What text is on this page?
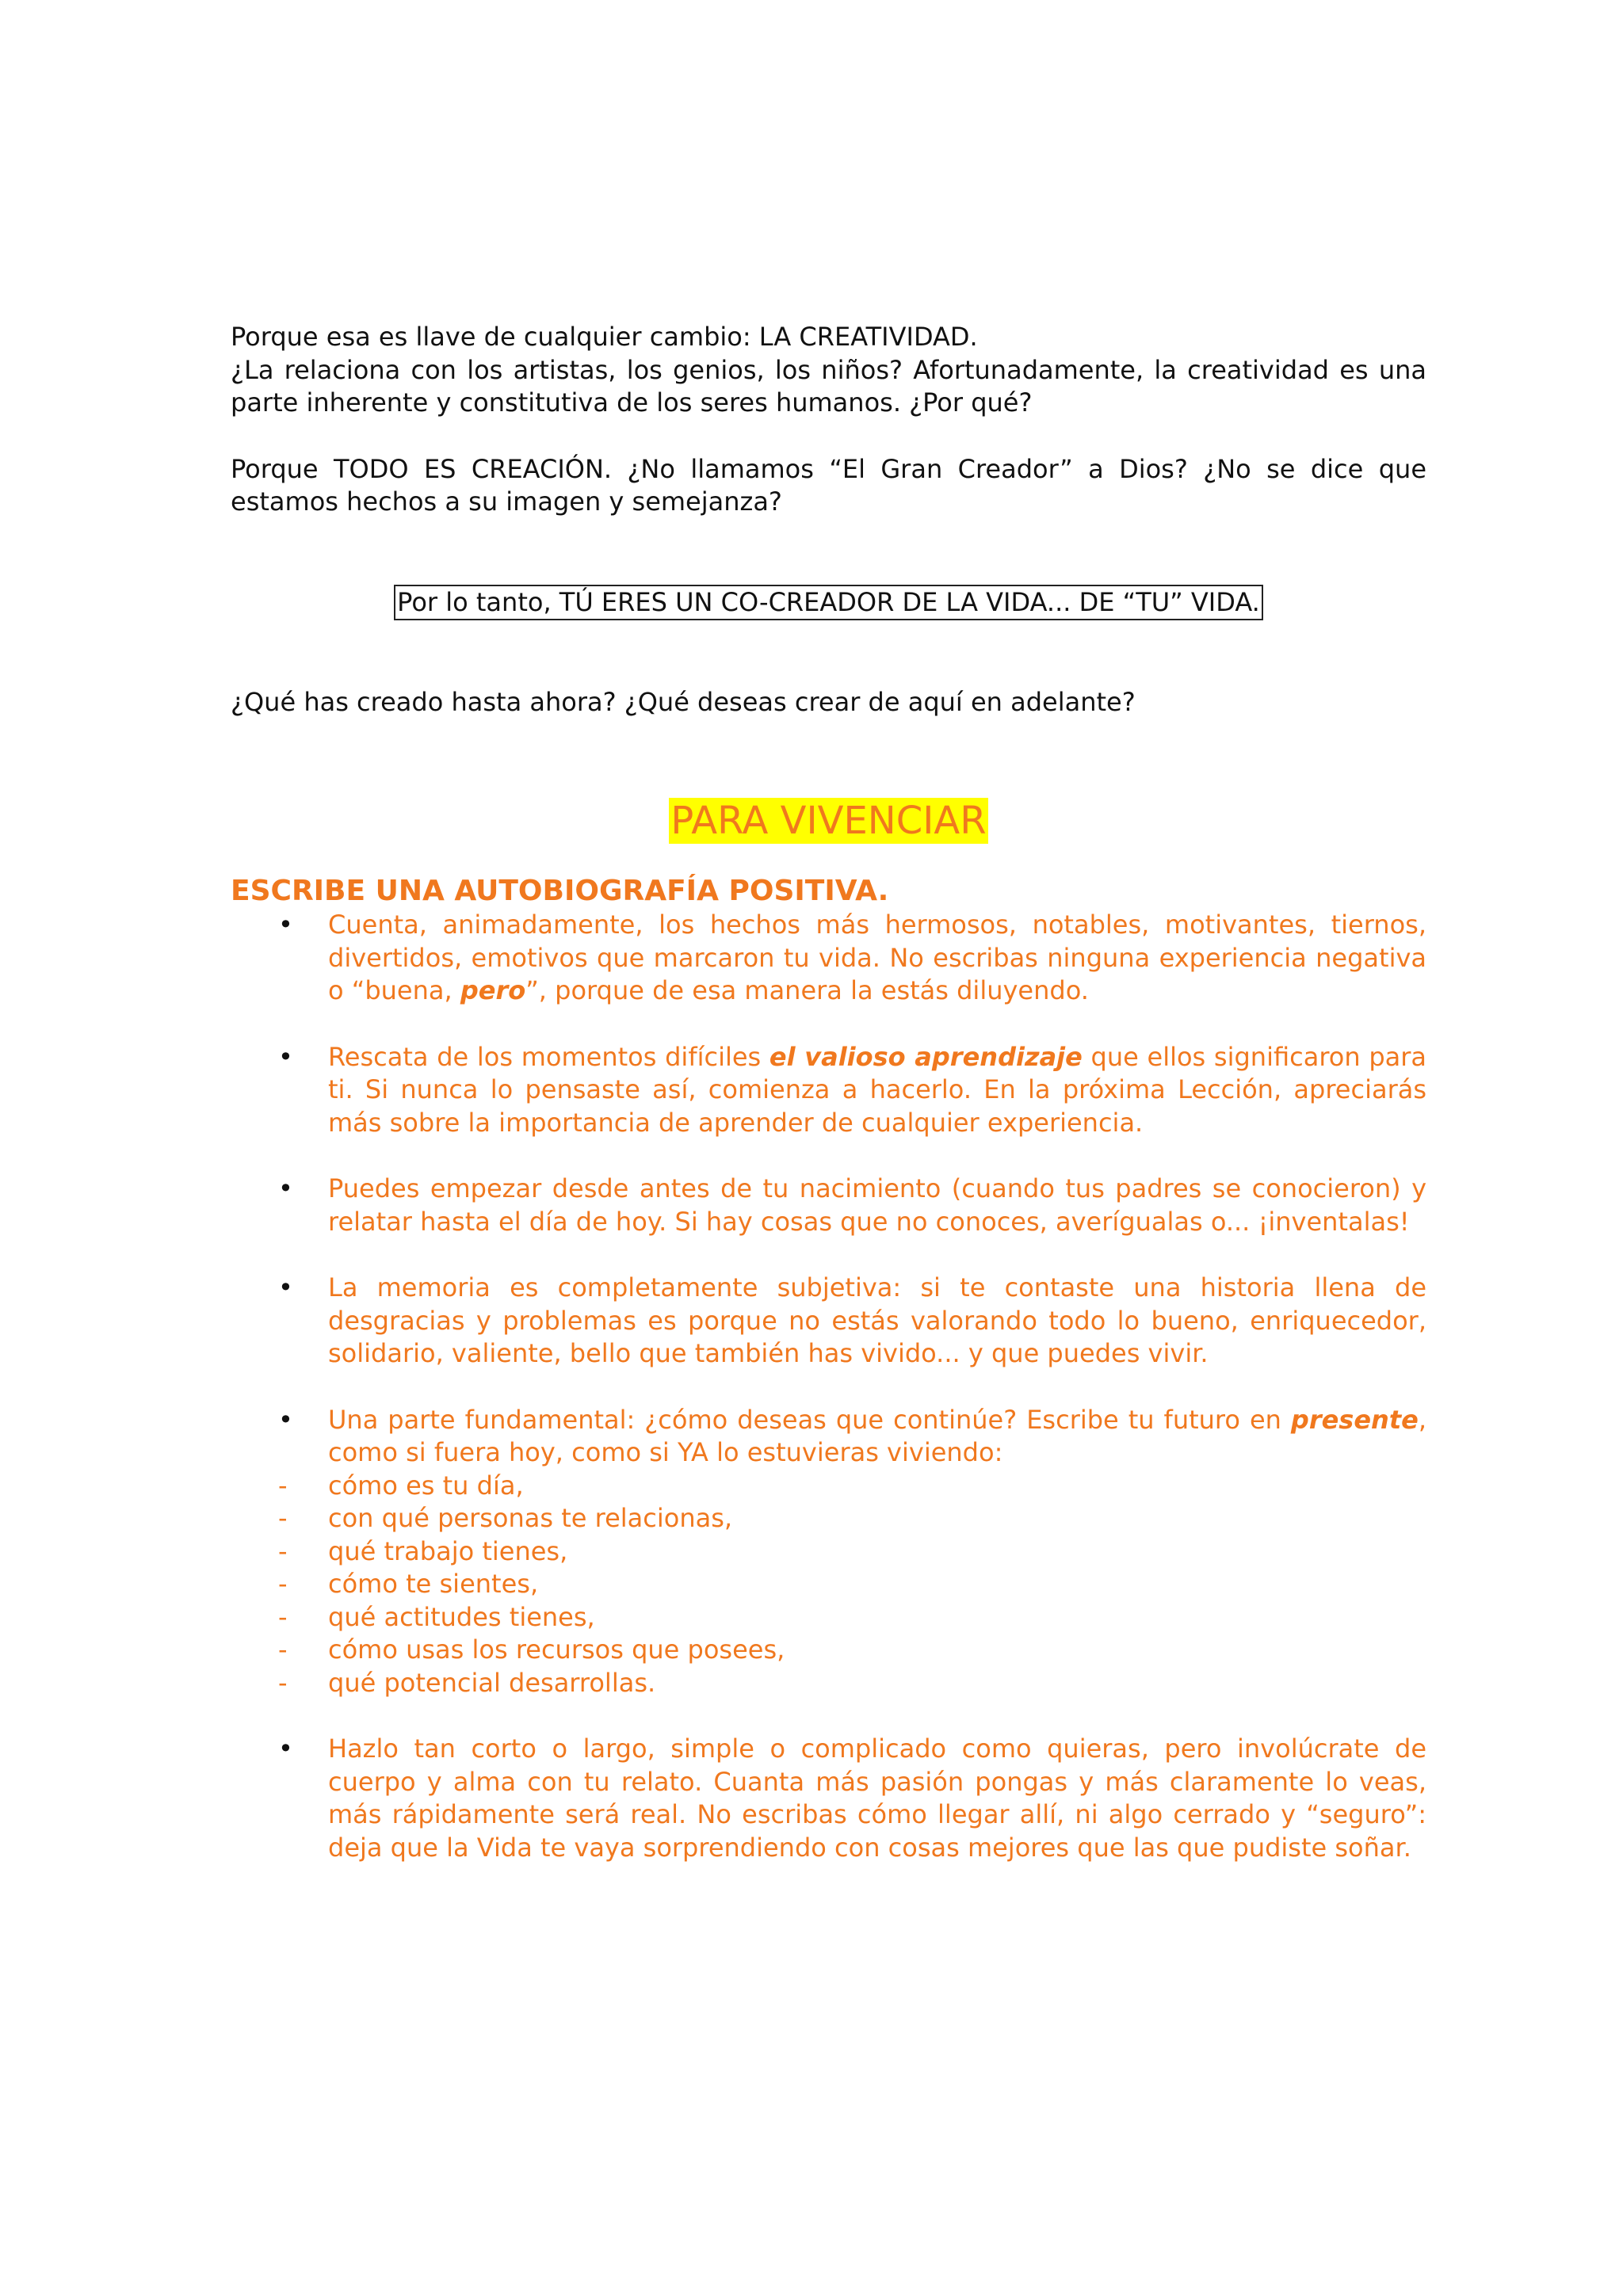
Porque esa es llave de cualquier cambio: LA CREATIVIDAD.
¿La relaciona con los artistas, los genios, los niños? Afortunadamente, la creatividad es una parte inherente y constitutiva de los seres humanos. ¿Por qué?

Porque TODO ES CREACIÓN. ¿No llamamos “El Gran Creador” a Dios? ¿No se dice que estamos hechos a su imagen y semejanza?

Por lo tanto, TÚ ERES UN CO-CREADOR DE LA VIDA... DE “TU” VIDA.

¿Qué has creado hasta ahora? ¿Qué deseas crear de aquí en adelante?

PARA VIVENCIAR
ESCRIBE UNA AUTOBIOGRAFÍA POSITIVA.
• Cuenta, animadamente, los hechos más hermosos, notables, motivantes, tiernos, divertidos, emotivos que marcaron tu vida. No escribas ninguna experiencia negativa o “buena, pero”, porque de esa manera la estás diluyendo.

• Rescata de los momentos difíciles el valioso aprendizaje que ellos significaron para ti. Si nunca lo pensaste así, comienza a hacerlo. En la próxima Lección, apreciarás más sobre la importancia de aprender de cualquier experiencia.

• Puedes empezar desde antes de tu nacimiento (cuando tus padres se conocieron) y relatar hasta el día de hoy. Si hay cosas que no conoces, averígualas o... ¡inventalas!

• La memoria es completamente subjetiva: si te contaste una historia llena de desgracias y problemas es porque no estás valorando todo lo bueno, enriquecedor, solidario, valiente, bello que también has vivido... y que puedes vivir.

• Una parte fundamental: ¿cómo deseas que continúe? Escribe tu futuro en presente, como si fuera hoy, como si YA lo estuvieras viviendo:

- cómo es tu día,
- con qué personas te relacionas,
- qué trabajo tienes,
- cómo te sientes,
- qué actitudes tienes,
- cómo usas los recursos que posees,
- qué potencial desarrollas.
• Hazlo tan corto o largo, simple o complicado como quieras, pero involúcrate de cuerpo y alma con tu relato. Cuanta más pasión pongas y más claramente lo veas, más rápidamente será real. No escribas cómo llegar allí, ni algo cerrado y “seguro”: deja que la Vida te vaya sorprendiendo con cosas mejores que las que pudiste soñar.
